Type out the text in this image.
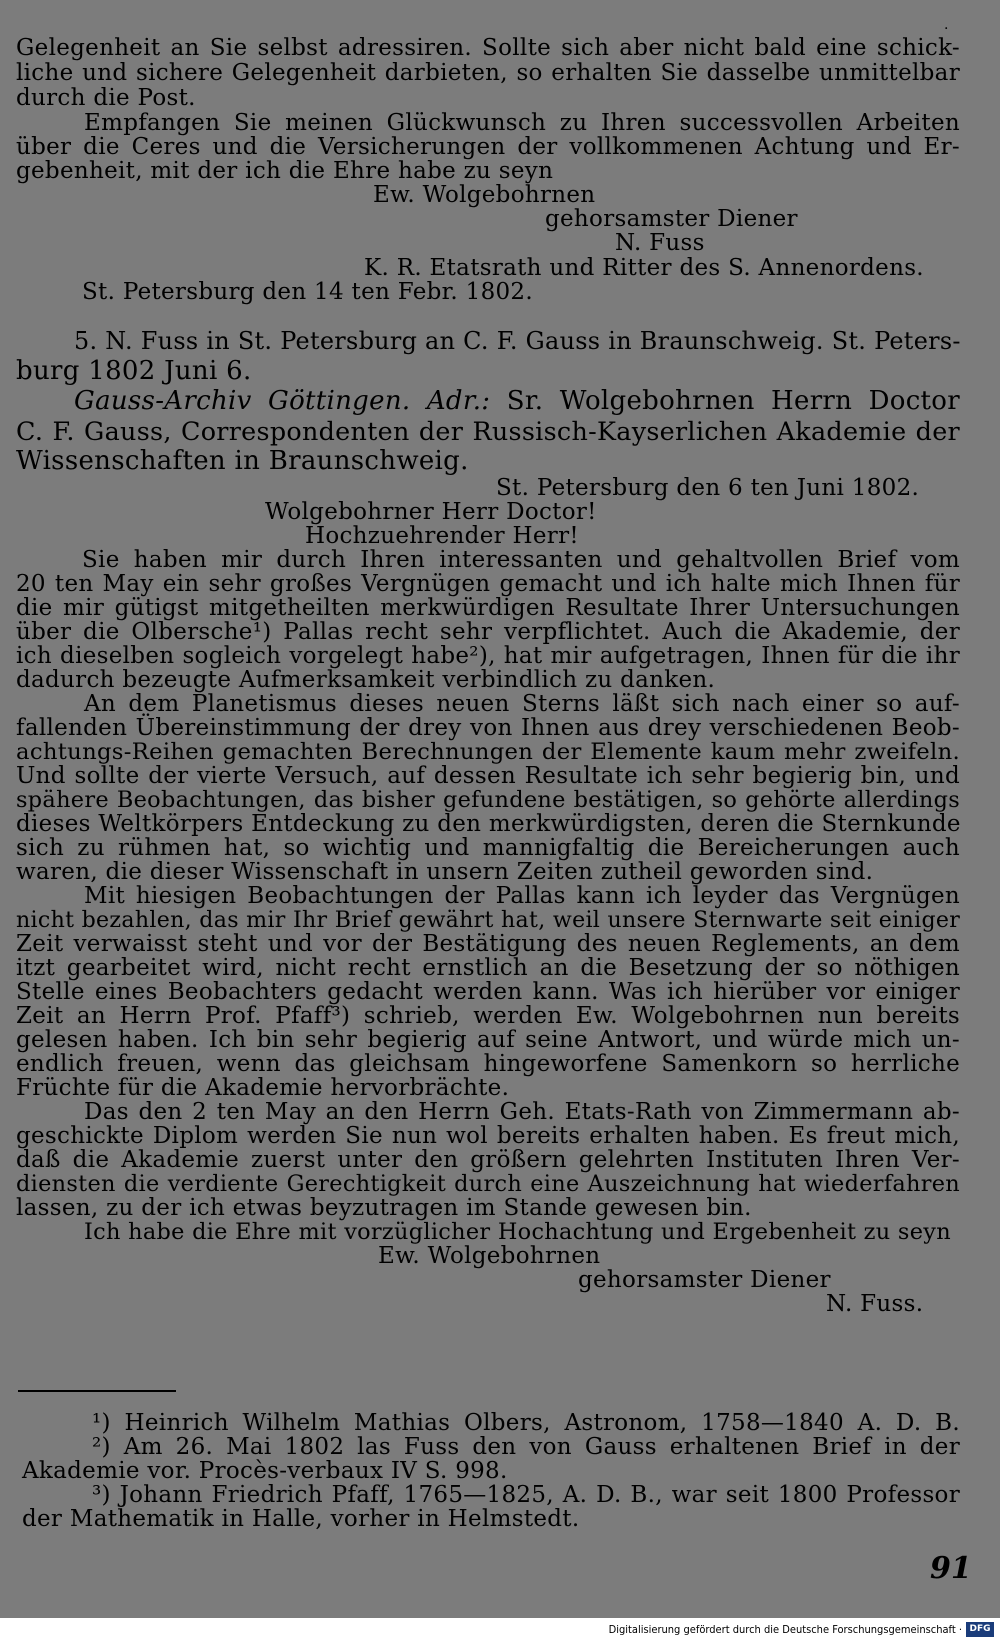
·
Gelegenheit an Sie selbst adressiren. Sollte sich aber nicht bald eine schick-
liche und sichere Gelegenheit darbieten, so erhalten Sie dasselbe unmittelbar
durch die Post.
Empfangen Sie meinen Glückwunsch zu Ihren successvollen Arbeiten
über die Ceres und die Versicherungen der vollkommenen Achtung und Er-
gebenheit, mit der ich die Ehre habe zu seyn
Ew. Wolgebohrnen
gehorsamster Diener
N. Fuss
K. R. Etatsrath und Ritter des S. Annenordens.
St. Petersburg den 14 ten Febr. 1802.
5. N. Fuss in St. Petersburg an C. F. Gauss in Braunschweig. St. Peters-
burg 1802 Juni 6.
Gauss-Archiv Göttingen. Adr.: Sr. Wolgebohrnen Herrn Doctor
C. F. Gauss, Correspondenten der Russisch-Kayserlichen Akademie der
Wissenschaften in Braunschweig.
St. Petersburg den 6 ten Juni 1802.
Wolgebohrner Herr Doctor!
Hochzuehrender Herr!
Sie haben mir durch Ihren interessanten und gehaltvollen Brief vom
20 ten May ein sehr großes Vergnügen gemacht und ich halte mich Ihnen für
die mir gütigst mitgetheilten merkwürdigen Resultate Ihrer Untersuchungen
über die Olbersche¹) Pallas recht sehr verpflichtet. Auch die Akademie, der
ich dieselben sogleich vorgelegt habe²), hat mir aufgetragen, Ihnen für die ihr
dadurch bezeugte Aufmerksamkeit verbindlich zu danken.
An dem Planetismus dieses neuen Sterns läßt sich nach einer so auf-
fallenden Übereinstimmung der drey von Ihnen aus drey verschiedenen Beob-
achtungs-Reihen gemachten Berechnungen der Elemente kaum mehr zweifeln.
Und sollte der vierte Versuch, auf dessen Resultate ich sehr begierig bin, und
spähere Beobachtungen, das bisher gefundene bestätigen, so gehörte allerdings
dieses Weltkörpers Entdeckung zu den merkwürdigsten, deren die Sternkunde
sich zu rühmen hat, so wichtig und mannigfaltig die Bereicherungen auch
waren, die dieser Wissenschaft in unsern Zeiten zutheil geworden sind.
Mit hiesigen Beobachtungen der Pallas kann ich leyder das Vergnügen
nicht bezahlen, das mir Ihr Brief gewährt hat, weil unsere Sternwarte seit einiger
Zeit verwaisst steht und vor der Bestätigung des neuen Reglements, an dem
itzt gearbeitet wird, nicht recht ernstlich an die Besetzung der so nöthigen
Stelle eines Beobachters gedacht werden kann. Was ich hierüber vor einiger
Zeit an Herrn Prof. Pfaff³) schrieb, werden Ew. Wolgebohrnen nun bereits
gelesen haben. Ich bin sehr begierig auf seine Antwort, und würde mich un-
endlich freuen, wenn das gleichsam hingeworfene Samenkorn so herrliche
Früchte für die Akademie hervorbrächte.
Das den 2 ten May an den Herrn Geh. Etats-Rath von Zimmermann ab-
geschickte Diplom werden Sie nun wol bereits erhalten haben. Es freut mich,
daß die Akademie zuerst unter den größern gelehrten Instituten Ihren Ver-
diensten die verdiente Gerechtigkeit durch eine Auszeichnung hat wiederfahren
lassen, zu der ich etwas beyzutragen im Stande gewesen bin.
Ich habe die Ehre mit vorzüglicher Hochachtung und Ergebenheit zu seyn
Ew. Wolgebohrnen
gehorsamster Diener
N. Fuss.
¹) Heinrich Wilhelm Mathias Olbers, Astronom, 1758—1840 A. D. B.
²) Am 26. Mai 1802 las Fuss den von Gauss erhaltenen Brief in der
Akademie vor. Procès-verbaux IV S. 998.
³) Johann Friedrich Pfaff, 1765—1825, A. D. B., war seit 1800 Professor
der Mathematik in Halle, vorher in Helmstedt.
91
Digitalisierung gefördert durch die Deutsche Forschungsgemeinschaft · DFG
